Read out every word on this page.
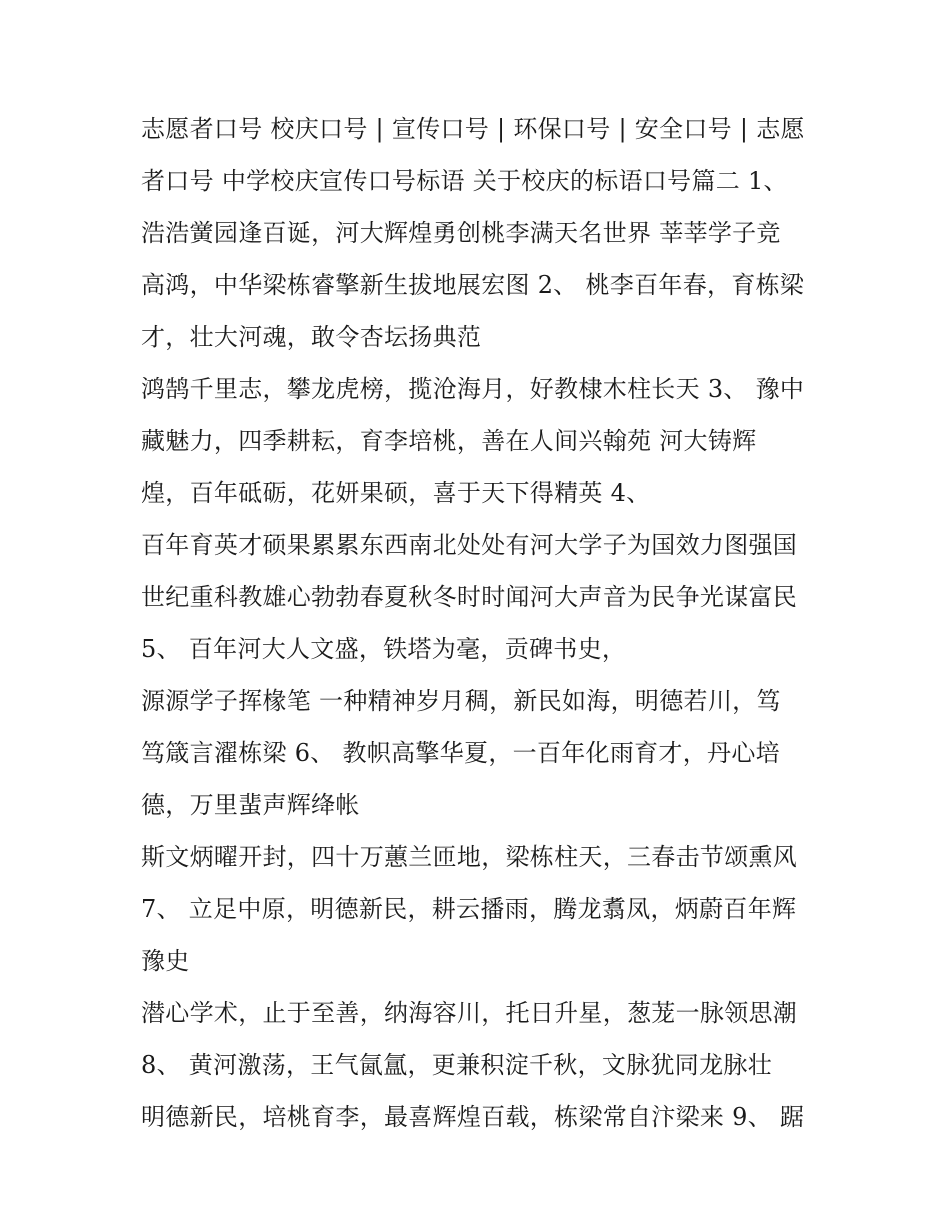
志愿者口号 校庆口号 | 宣传口号 | 环保口号 | 安全口号 | 志愿
者口号 中学校庆宣传口号标语 关于校庆的标语口号篇二 1、
浩浩黉园逢百诞，河大辉煌勇创桃李满天名世界 莘莘学子竞
高鸿，中华梁栋睿擎新生拔地展宏图 2、 桃李百年春，育栋梁
才，壮大河魂，敢令杏坛扬典范
鸿鹄千里志，攀龙虎榜，揽沧海月，好教棣木柱长天 3、 豫中
藏魅力，四季耕耘，育李培桃，善在人间兴翰苑 河大铸辉
煌，百年砥砺，花妍果硕，喜于天下得精英 4、
百年育英才硕果累累东西南北处处有河大学子为国效力图强国
世纪重科教雄心勃勃春夏秋冬时时闻河大声音为民争光谋富民
5、 百年河大人文盛，铁塔为毫，贡碑书史，
源源学子挥椽笔 一种精神岁月稠，新民如海，明德若川，笃
笃箴言濯栋梁 6、 教帜高擎华夏，一百年化雨育才，丹心培
德，万里蜚声辉绛帐
斯文炳曜开封，四十万蕙兰匝地，梁栋柱天，三春击节颂熏风
7、 立足中原，明德新民，耕云播雨，腾龙翥凤，炳蔚百年辉
豫史
潜心学术，止于至善，纳海容川，托日升星，葱茏一脉领思潮
8、 黄河激荡，王气氤氲，更兼积淀千秋，文脉犹同龙脉壮
明德新民，培桃育李，最喜辉煌百载，栋梁常自汴梁来 9、 踞
